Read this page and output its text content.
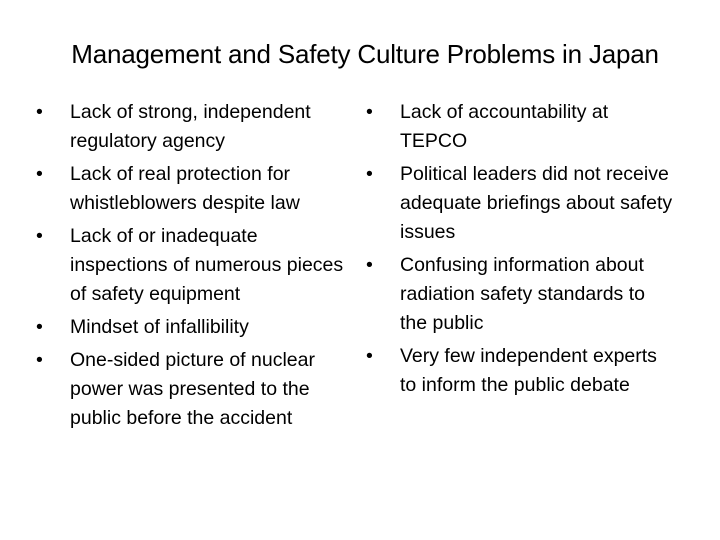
Management and Safety Culture Problems in Japan
•	Lack of strong, independent regulatory agency
•	Lack of real protection for whistleblowers despite law
•	Lack of or inadequate inspections of numerous pieces of safety equipment
•	Mindset of infallibility
•	One-sided picture of nuclear power was presented to the public before the accident
•	Lack of accountability at TEPCO
•	Political leaders did not receive adequate briefings about safety issues
•	Confusing information about radiation safety standards to the public
•	Very few independent experts to inform the public debate
